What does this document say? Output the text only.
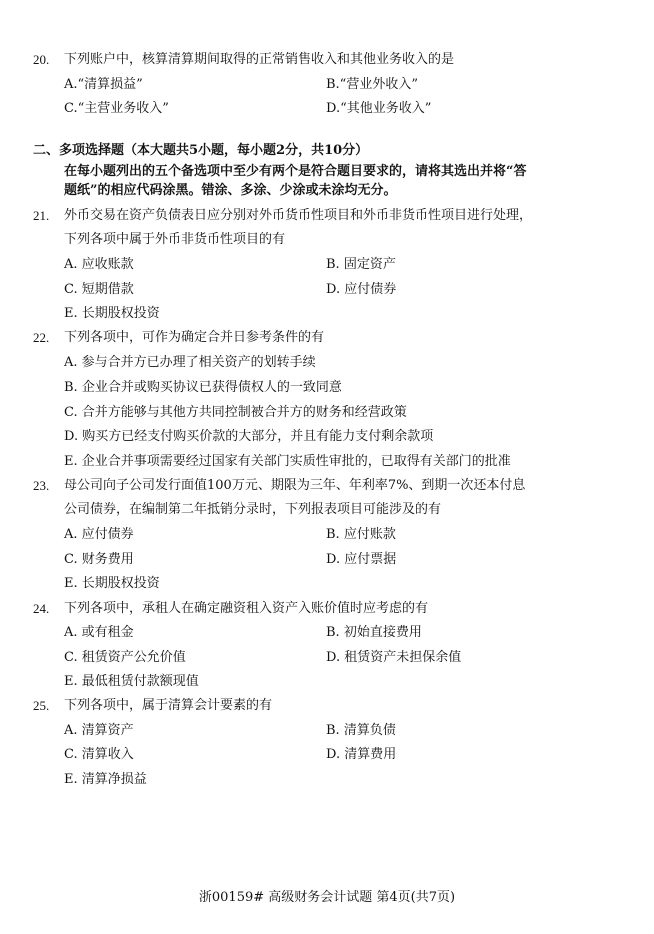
20. 下列账户中，核算清算期间取得的正常销售收入和其他业务收入的是
A.“清算损益”	B.“营业外收入”
C.“主营业务收入”	D.“其他业务收入”
二、多项选择题（本大题共5小题，每小题2分，共10分）
在每小题列出的五个备选项中至少有两个是符合题目要求的，请将其选出并将“答
题纸”的相应代码涂黑。错涂、多涂、少涂或未涂均无分。
21. 外币交易在资产负债表日应分别对外币货币性项目和外币非货币性项目进行处理，
下列各项中属于外币非货币性项目的有
A. 应收账款	B. 固定资产
C. 短期借款	D. 应付债券
E. 长期股权投资
22. 下列各项中，可作为确定合并日参考条件的有
A. 参与合并方已办理了相关资产的划转手续
B. 企业合并或购买协议已获得债权人的一致同意
C. 合并方能够与其他方共同控制被合并方的财务和经营政策
D. 购买方已经支付购买价款的大部分，并且有能力支付剩余款项
E. 企业合并事项需要经过国家有关部门实质性审批的，已取得有关部门的批准
23. 母公司向子公司发行面值100万元、期限为三年、年利率7%、到期一次还本付息
公司债券，在编制第二年抵销分录时，下列报表项目可能涉及的有
A. 应付债券	B. 应付账款
C. 财务费用	D. 应付票据
E. 长期股权投资
24. 下列各项中，承租人在确定融资租入资产入账价值时应考虑的有
A. 或有租金	B. 初始直接费用
C. 租赁资产公允价值	D. 租赁资产未担保余值
E. 最低租赁付款额现值
25. 下列各项中，属于清算会计要素的有
A. 清算资产	B. 清算负债
C. 清算收入	D. 清算费用
E. 清算净损益
浙00159# 高级财务会计试题 第4页(共7页)
